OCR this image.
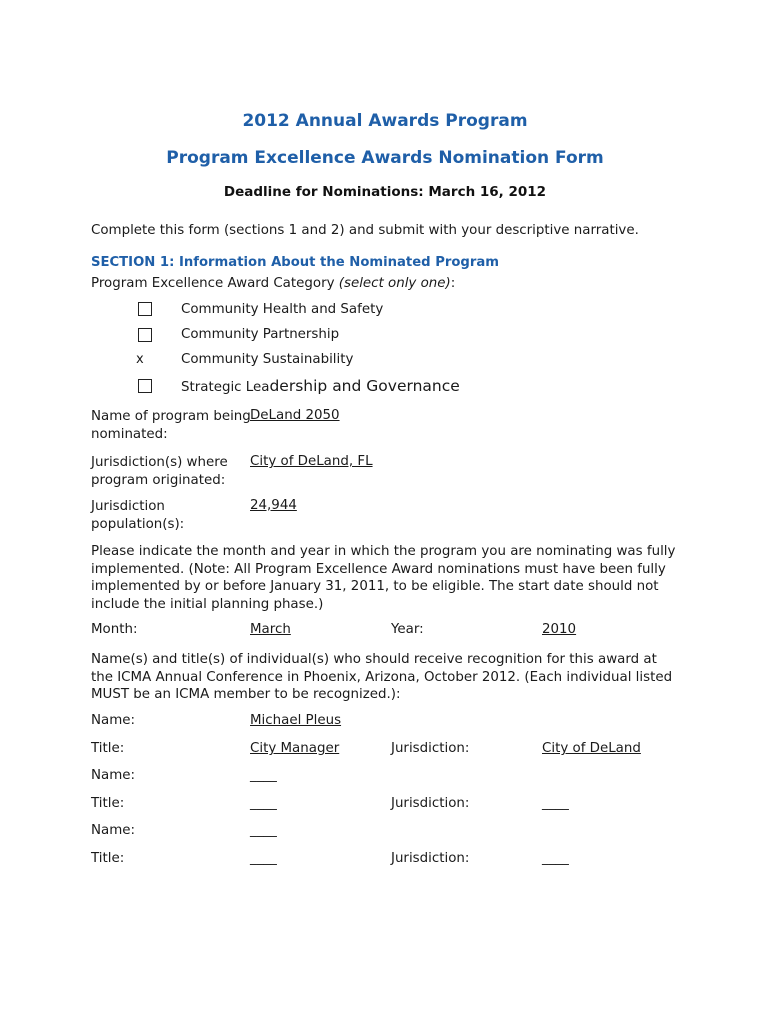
2012 Annual Awards Program
Program Excellence Awards Nomination Form
Deadline for Nominations: March 16, 2012
Complete this form (sections 1 and 2) and submit with your descriptive narrative.
SECTION 1: Information About the Nominated Program
Program Excellence Award Category (select only one):
Community Health and Safety
Community Partnership
x	Community Sustainability
Strategic Leadership and Governance
Name of program being nominated:
DeLand 2050
Jurisdiction(s) where program originated:
City of DeLand, FL
Jurisdiction population(s):
24,944
Please indicate the month and year in which the program you are nominating was fully implemented. (Note: All Program Excellence Award nominations must have been fully implemented by or before January 31, 2011, to be eligible. The start date should not include the initial planning phase.)
Month:	March	Year:	2010
Name(s) and title(s) of individual(s) who should receive recognition for this award at the ICMA Annual Conference in Phoenix, Arizona, October 2012. (Each individual listed MUST be an ICMA member to be recognized.):
Name:	Michael Pleus
Title:	City Manager	Jurisdiction:	City of DeLand
Name:	____
Title:	____	Jurisdiction:	____
Name:	____
Title:	____	Jurisdiction:	____
